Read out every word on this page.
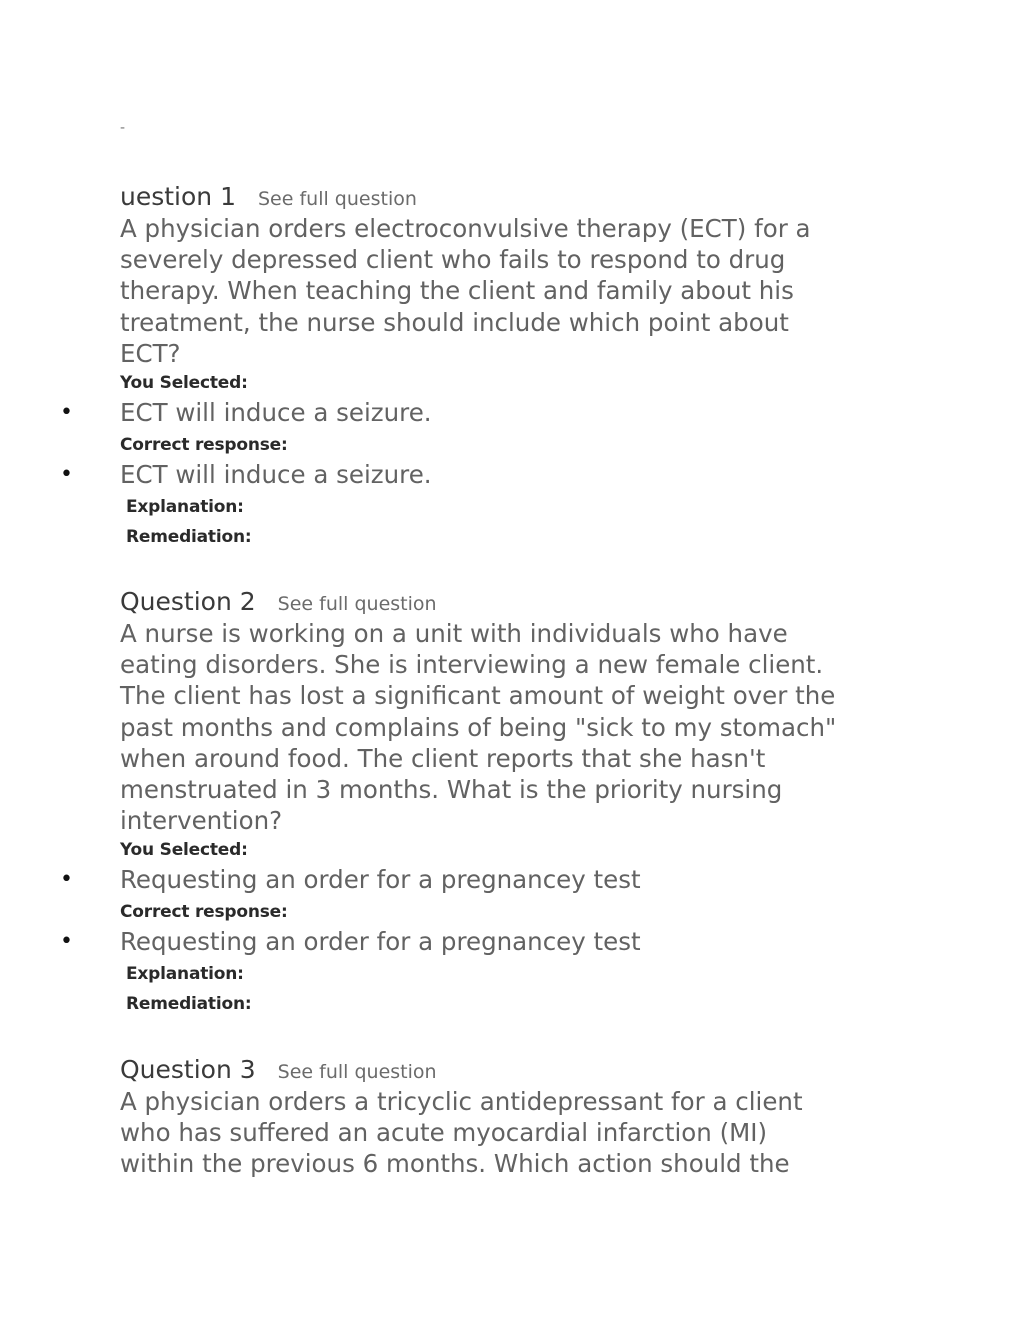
-
uestion 1 See full question
A physician orders electroconvulsive therapy (ECT) for a
severely depressed client who fails to respond to drug
therapy. When teaching the client and family about his
treatment, the nurse should include which point about
ECT?
You Selected:
• ECT will induce a seizure.
Correct response:
• ECT will induce a seizure.
Explanation:
Remediation:
Question 2 See full question
A nurse is working on a unit with individuals who have
eating disorders. She is interviewing a new female client.
The client has lost a significant amount of weight over the
past months and complains of being "sick to my stomach"
when around food. The client reports that she hasn't
menstruated in 3 months. What is the priority nursing
intervention?
You Selected:
• Requesting an order for a pregnancey test
Correct response:
• Requesting an order for a pregnancey test
Explanation:
Remediation:
Question 3 See full question
A physician orders a tricyclic antidepressant for a client
who has suffered an acute myocardial infarction (MI)
within the previous 6 months. Which action should the
